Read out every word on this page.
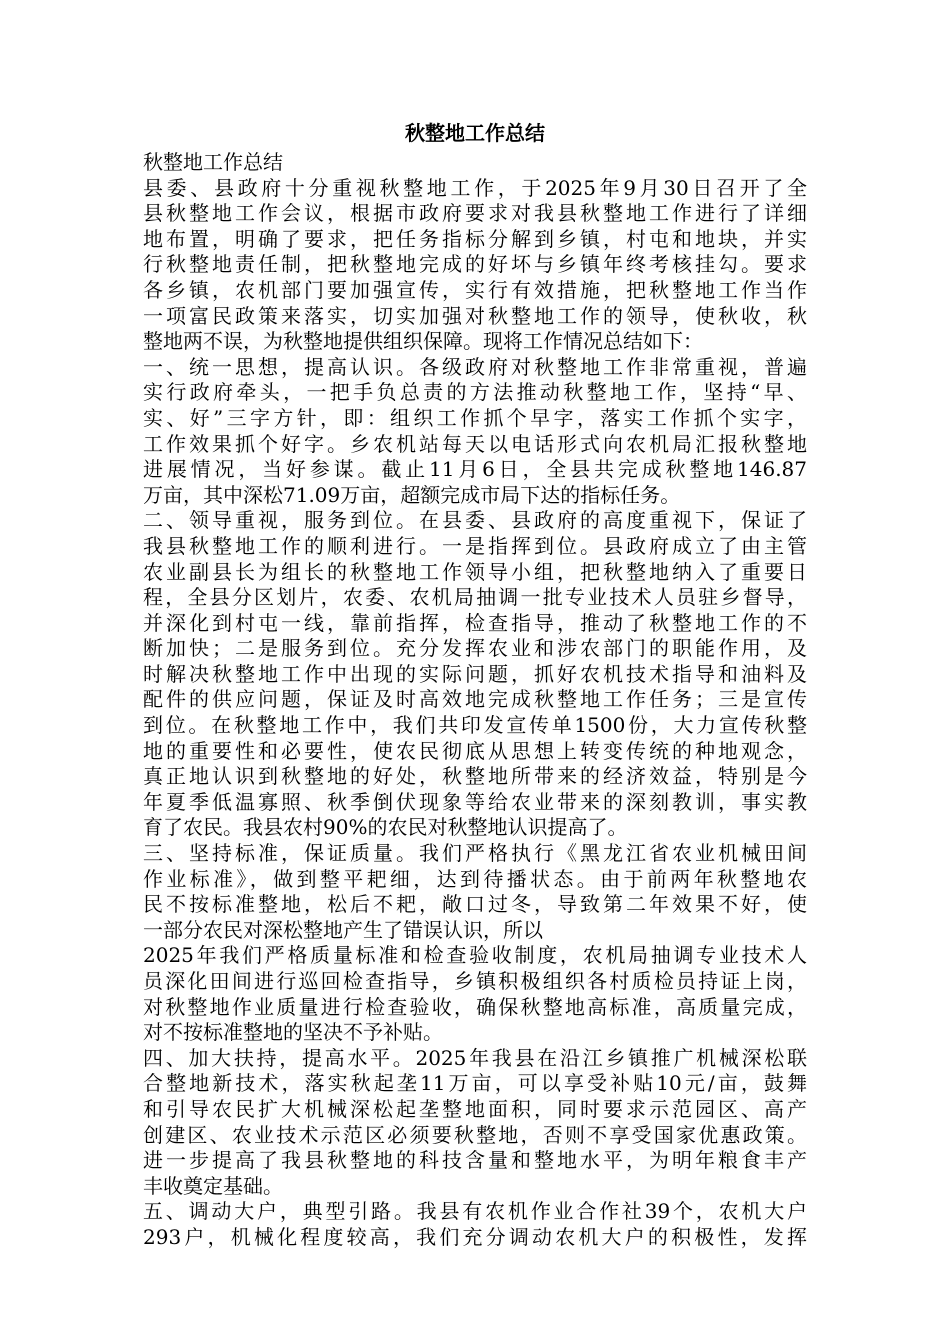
秋整地工作总结
秋整地工作总结
县委、县政府十分重视秋整地工作，于2025年9月30日召开了全
县秋整地工作会议，根据市政府要求对我县秋整地工作进行了详细
地布置，明确了要求，把任务指标分解到乡镇，村屯和地块，并实
行秋整地责任制，把秋整地完成的好坏与乡镇年终考核挂勾。要求
各乡镇，农机部门要加强宣传，实行有效措施，把秋整地工作当作
一项富民政策来落实，切实加强对秋整地工作的领导，使秋收，秋
整地两不误，为秋整地提供组织保障。现将工作情况总结如下：
一、统一思想，提高认识。各级政府对秋整地工作非常重视，普遍
实行政府牵头，一把手负总责的方法推动秋整地工作，坚持“早、
实、好”三字方针，即：组织工作抓个早字，落实工作抓个实字，
工作效果抓个好字。乡农机站每天以电话形式向农机局汇报秋整地
进展情况，当好参谋。截止11月6日，全县共完成秋整地146.87
万亩，其中深松71.09万亩，超额完成市局下达的指标任务。
二、领导重视，服务到位。在县委、县政府的高度重视下，保证了
我县秋整地工作的顺利进行。一是指挥到位。县政府成立了由主管
农业副县长为组长的秋整地工作领导小组，把秋整地纳入了重要日
程，全县分区划片，农委、农机局抽调一批专业技术人员驻乡督导，
并深化到村屯一线，靠前指挥，检查指导，推动了秋整地工作的不
断加快；二是服务到位。充分发挥农业和涉农部门的职能作用，及
时解决秋整地工作中出现的实际问题，抓好农机技术指导和油料及
配件的供应问题，保证及时高效地完成秋整地工作任务；三是宣传
到位。在秋整地工作中，我们共印发宣传单1500份，大力宣传秋整
地的重要性和必要性，使农民彻底从思想上转变传统的种地观念，
真正地认识到秋整地的好处，秋整地所带来的经济效益，特别是今
年夏季低温寡照、秋季倒伏现象等给农业带来的深刻教训，事实教
育了农民。我县农村90%的农民对秋整地认识提高了。
三、坚持标准，保证质量。我们严格执行《黑龙江省农业机械田间
作业标准》，做到整平耙细，达到待播状态。由于前两年秋整地农
民不按标准整地，松后不耙，敞口过冬，导致第二年效果不好，使
一部分农民对深松整地产生了错误认识，所以
2025年我们严格质量标准和检查验收制度，农机局抽调专业技术人
员深化田间进行巡回检查指导，乡镇积极组织各村质检员持证上岗，
对秋整地作业质量进行检查验收，确保秋整地高标准，高质量完成，
对不按标准整地的坚决不予补贴。
四、加大扶持，提高水平。2025年我县在沿江乡镇推广机械深松联
合整地新技术，落实秋起垄11万亩，可以享受补贴10元/亩，鼓舞
和引导农民扩大机械深松起垄整地面积，同时要求示范园区、高产
创建区、农业技术示范区必须要秋整地，否则不享受国家优惠政策。
进一步提高了我县秋整地的科技含量和整地水平，为明年粮食丰产
丰收奠定基础。
五、调动大户，典型引路。我县有农机作业合作社39个，农机大户
293户，机械化程度较高，我们充分调动农机大户的积极性，发挥
